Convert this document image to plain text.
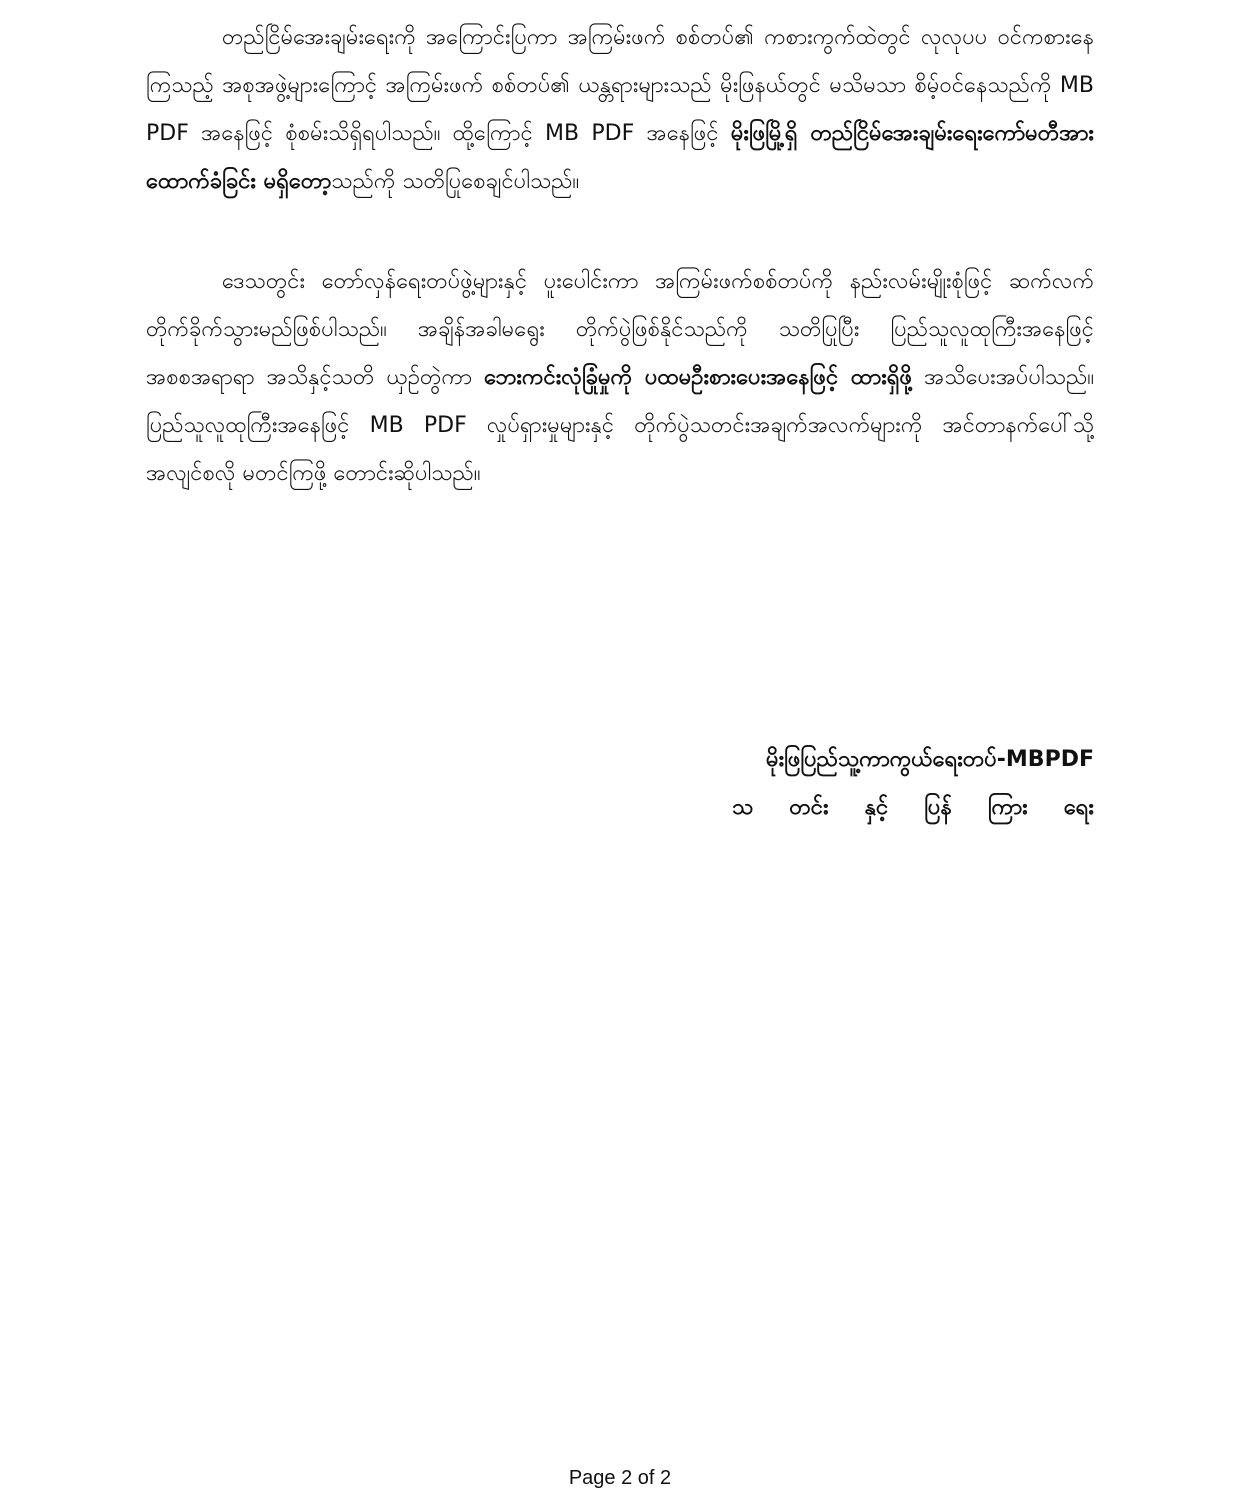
တည်ငြိမ်အေးချမ်းရေးကို အကြောင်းပြကာ အကြမ်းဖက် စစ်တပ်၏ ကစားကွက်ထဲတွင် လုလုပပ ဝင်ကစားနေကြသည့် အစုအဖွဲ့များကြောင့် အကြမ်းဖက် စစ်တပ်၏ ယန္တရားများသည် မိုးဖြနယ်တွင် မသိမသာ စိမ့်ဝင်နေသည်ကို MB PDF အနေဖြင့် စုံစမ်းသိရှိရပါသည်။ ထို့ကြောင့် MB PDF အနေဖြင့် မိုးဖြမြို့ရှိ တည်ငြိမ်အေးချမ်းရေးကော်မတီအား ထောက်ခံခြင်း မရှိတော့သည်ကို သတိပြုစေချင်ပါသည်။

ဒေသတွင်း တော်လှန်ရေးတပ်ဖွဲ့များနှင့် ပူးပေါင်းကာ အကြမ်းဖက်စစ်တပ်ကို နည်းလမ်းမျိုးစုံဖြင့် ဆက်လက်တိုက်ခိုက်သွားမည်ဖြစ်ပါသည်။ အချိန်အခါမရွေး တိုက်ပွဲဖြစ်နိုင်သည်ကို သတိပြုပြီး ပြည်သူလူထုကြီးအနေဖြင့် အစစအရာရာ အသိနှင့်သတိ ယှဉ်တွဲကာ ဘေးကင်းလုံခြုံမှုကို ပထမဦးစားပေးအနေဖြင့် ထားရှိဖို့ အသိပေးအပ်ပါသည်။ ပြည်သူလူထုကြီးအနေဖြင့် MB PDF လှုပ်ရှားမှုများနှင့် တိုက်ပွဲသတင်းအချက်အလက်များကို အင်တာနက်ပေါ်သို့ အလျင်စလို မတင်ကြဖို့ တောင်းဆိုပါသည်။

မိုးဖြပြည်သူ့ကာကွယ်ရေးတပ်-MBPDF
သ တင်း နှင့် ပြန် ကြား ရေး
Page 2 of 2
